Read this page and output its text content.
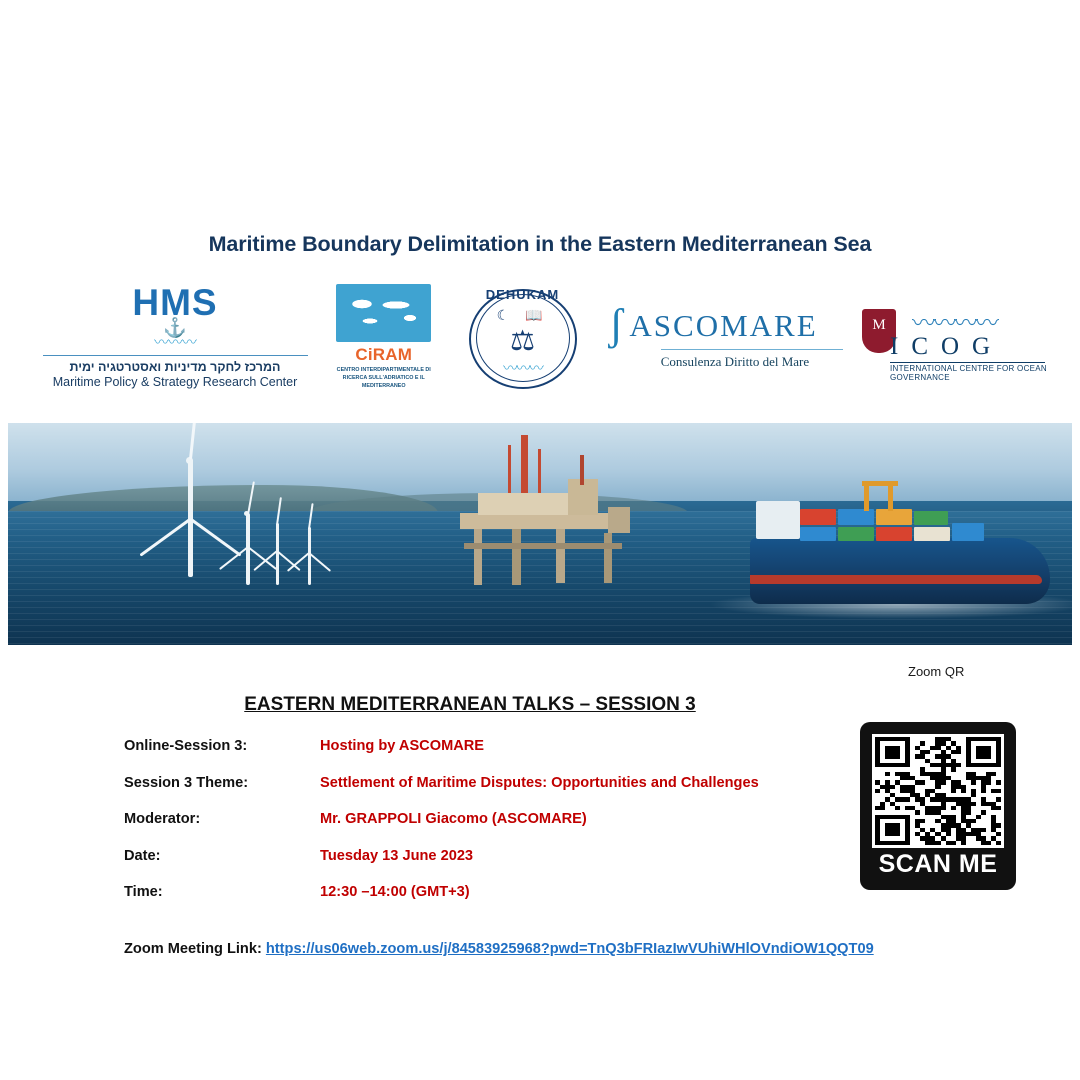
Maritime Boundary Delimitation in the Eastern Mediterranean Sea
HMS
⚓
〰〰〰
המרכז לחקר מדיניות ואסטרטגיה ימית
Maritime Policy & Strategy Research Center
CiRAM
CENTRO INTERDIPARTIMENTALE DI RICERCA SULL'ADRIATICO E IL MEDITERRANEO
DEHUKAM
☾ 📖
⚖
〰〰〰
ʃ ASCOMARE
Consulenza Diritto del Mare
M	〰〰〰〰
ICOG
INTERNATIONAL CENTRE FOR OCEAN GOVERNANCE
Zoom QR
EASTERN MEDITERRANEAN TALKS – SESSION 3
Online-Session 3:	Hosting by ASCOMARE
Session 3 Theme:	Settlement of Maritime Disputes: Opportunities and Challenges
Moderator:	Mr. GRAPPOLI Giacomo (ASCOMARE)
Date:	Tuesday 13 June 2023
Time:	12:30 –14:00 (GMT+3)
Zoom Meeting Link: https://us06web.zoom.us/j/84583925968?pwd=TnQ3bFRIazIwVUhiWHlOVndiOW1QQT09
SCAN ME
